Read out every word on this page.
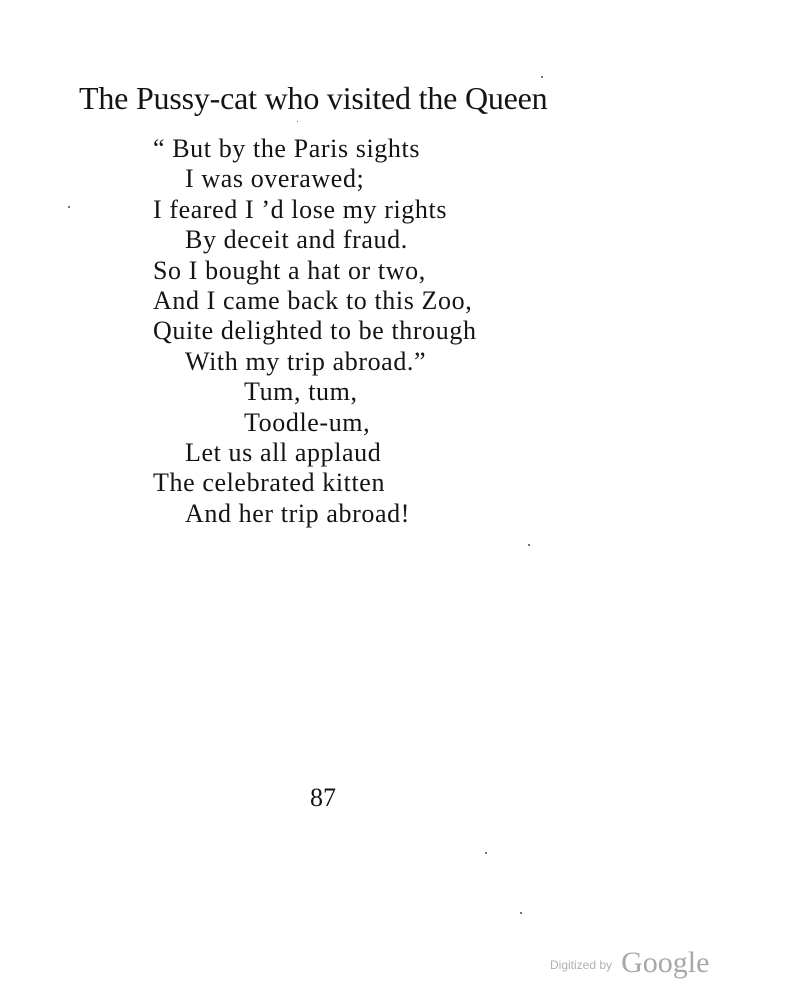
The Pussy-cat who visited the Queen
“ But by the Paris sights
I was overawed;
I feared I ’d lose my rights
By deceit and fraud.
So I bought a hat or two,
And I came back to this Zoo,
Quite delighted to be through
With my trip abroad.”
Tum, tum,
Toodle-um,
Let us all applaud
The celebrated kitten
And her trip abroad!
87
Digitized by Google
